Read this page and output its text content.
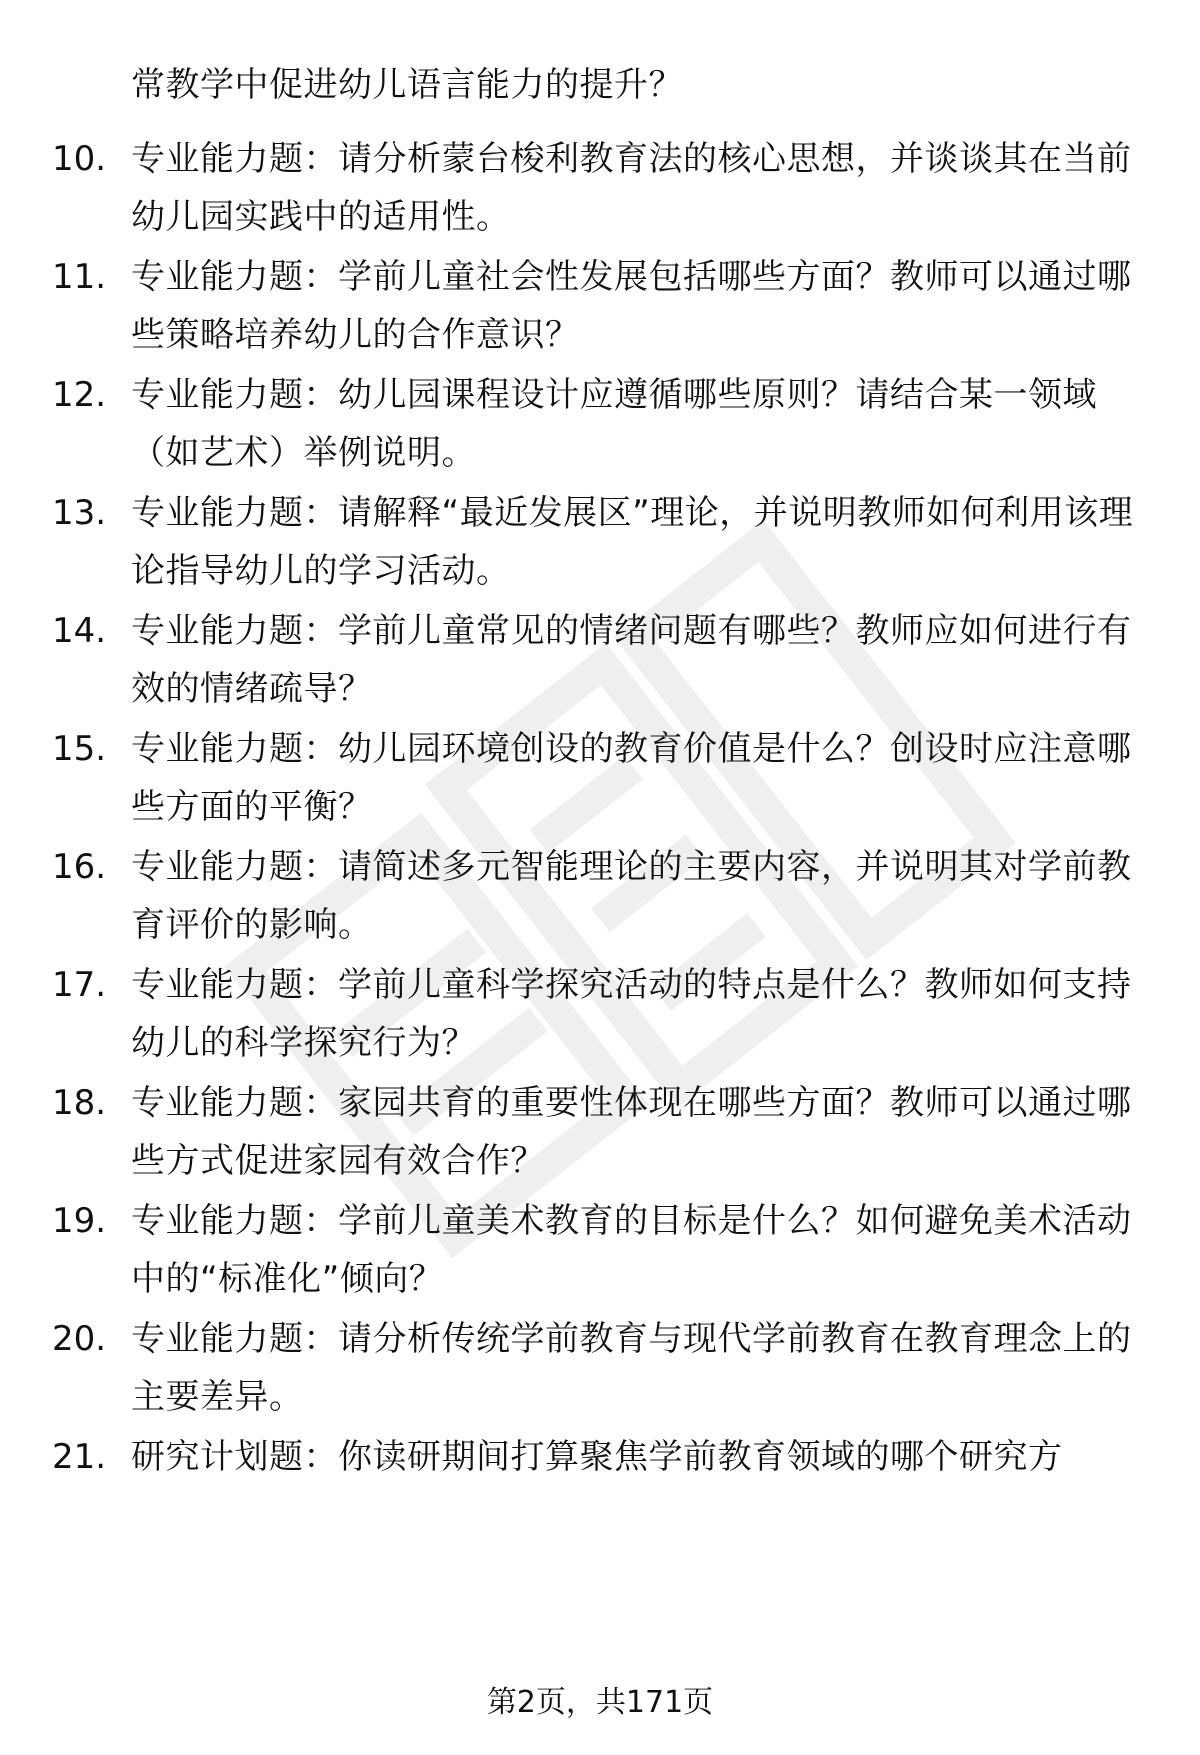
常教学中促进幼儿语言能力的提升？
10. 专业能力题：请分析蒙台梭利教育法的核心思想，并谈谈其在当前幼儿园实践中的适用性。
11. 专业能力题：学前儿童社会性发展包括哪些方面？教师可以通过哪些策略培养幼儿的合作意识？
12. 专业能力题：幼儿园课程设计应遵循哪些原则？请结合某一领域（如艺术）举例说明。
13. 专业能力题：请解释“最近发展区”理论，并说明教师如何利用该理论指导幼儿的学习活动。
14. 专业能力题：学前儿童常见的情绪问题有哪些？教师应如何进行有效的情绪疏导？
15. 专业能力题：幼儿园环境创设的教育价值是什么？创设时应注意哪些方面的平衡？
16. 专业能力题：请简述多元智能理论的主要内容，并说明其对学前教育评价的影响。
17. 专业能力题：学前儿童科学探究活动的特点是什么？教师如何支持幼儿的科学探究行为？
18. 专业能力题：家园共育的重要性体现在哪些方面？教师可以通过哪些方式促进家园有效合作？
19. 专业能力题：学前儿童美术教育的目标是什么？如何避免美术活动中的“标准化”倾向？
20. 专业能力题：请分析传统学前教育与现代学前教育在教育理念上的主要差异。
21. 研究计划题：你读研期间打算聚焦学前教育领域的哪个研究方
第2页，共171页
